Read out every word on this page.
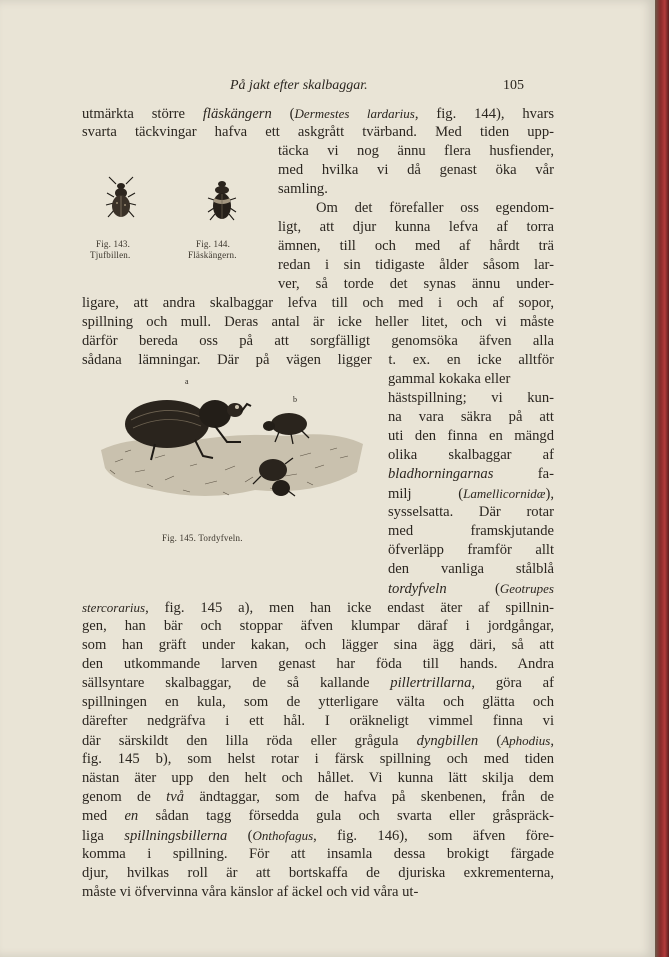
På jakt efter skalbaggar.	105
utmärkta större fläskängern (Dermestes lardarius, fig. 144), hvars
svarta täckvingar hafva ett askgrått tvärband. Med tiden upp-
täcka vi nog ännu flera husfiender,
med hvilka vi då genast öka vår
samling.
Om det förefaller oss egendom-
ligt, att djur kunna lefva af torra
ämnen, till och med af hårdt trä
redan i sin tidigaste ålder såsom lar-
ver, så torde det synas ännu under-
ligare, att andra skalbaggar lefva till och med i och af sopor,
spillning och mull. Deras antal är icke heller litet, och vi måste
därför bereda oss på att sorgfälligt genomsöka äfven alla
sådana lämningar. Där på vägen ligger t. ex. en icke alltför
gammal kokaka eller
hästspillning; vi kun-
na vara säkra på att
uti den finna en mängd
olika skalbaggar af
bladhorningarnas	fa-
milj (Lamellicornidæ),
sysselsatta. Där rotar
med framskjutande
öfverläpp framför allt
den vanliga stålblå
tordyfveln (Geotrupes
stercorarius, fig. 145 a), men han icke endast äter af spillnin-
gen, han bär och stoppar äfven klumpar däraf i jordgångar,
som han gräft under kakan, och lägger sina ägg däri, så att
den utkommande larven genast har föda till hands. Andra
sällsyntare skalbaggar, de så kallande pillertrillarna, göra af
spillningen en kula, som de ytterligare välta och glätta och
därefter nedgräfva i ett hål. I oräkneligt vimmel finna vi
där särskildt den lilla röda eller grågula dyngbillen (Aphodius,
fig. 145 b), som helst rotar i färsk spillning och med tiden
nästan äter upp den helt och hållet. Vi kunna lätt skilja dem
genom de två ändtaggar, som de hafva på skenbenen, från de
med en sådan tagg försedda gula och svarta eller gråspräck-
liga spillningsbillerna (Onthofagus, fig. 146), som äfven före-
komma i spillning. För att insamla dessa brokigt färgade
djur, hvilkas roll är att bortskaffa de djuriska exkrementerna,
måste vi öfvervinna våra känslor af äckel och vid våra ut-
Fig. 143.
Tjufbillen.
Fig. 144.
Fläskängern.
a
b
Fig. 145. Tordyfveln.
